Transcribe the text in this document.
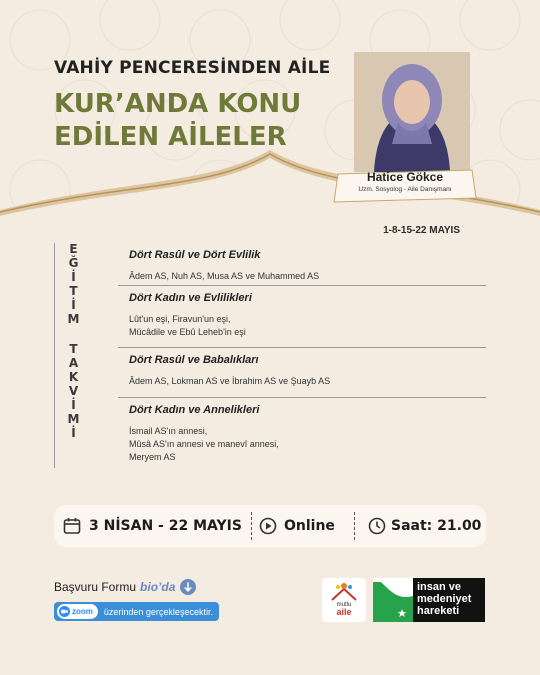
VAHİY PENCERESİNDEN AİLE
KUR’ANDA KONU EDİLEN AİLELER
Hatice Gökce
Uzm. Sosyolog - Aile Danışmanı
1-8-15-22 MAYIS
E
Ğ
İ
T
İ
M
T
A
K
V
İ
M
İ
Dört Rasûl ve Dört Evlilik
Âdem AS, Nuh AS, Musa AS ve Muhammed AS
Dört Kadın ve Evlilikleri
Lût'un eşi, Firavun'un eşi,
Mücâdile ve Ebû Leheb'in eşi
Dört Rasûl ve Babalıkları
Âdem AS, Lokman AS ve İbrahim AS ve Şuayb AS
Dört Kadın ve Annelikleri
İsmail AS'ın annesi,
Mûsâ AS'ın annesi ve manevî annesi,
Meryem AS
3 NİSAN - 22 MAYIS	Online	Saat: 21.00
Başvuru Formu bio’da
zoom üzerinden gerçekleşecektir.
mutlu
aile
insan ve
medeniyet
hareketi
